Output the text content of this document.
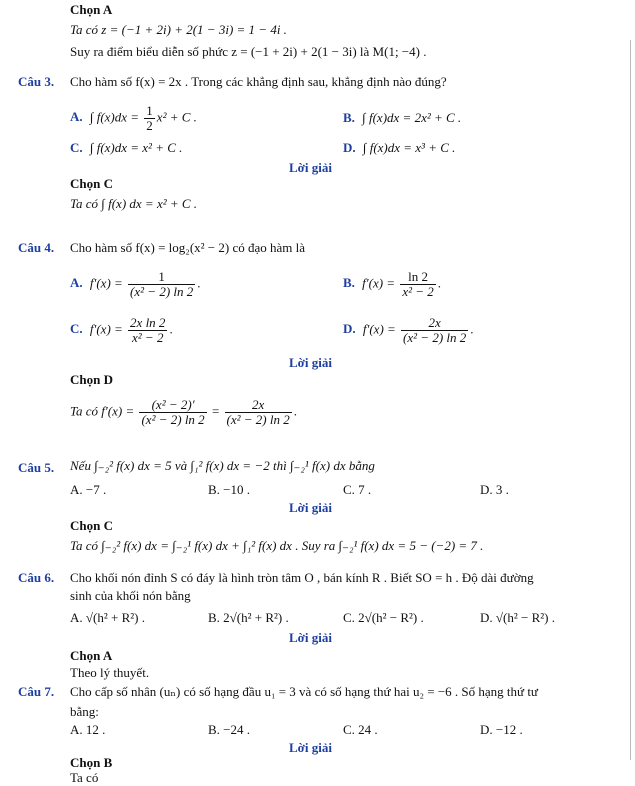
Chọn A
Ta có z = (−1 + 2i) + 2(1 − 3i) = 1 − 4i .
Suy ra điểm biểu diễn số phức z = (−1 + 2i) + 2(1 − 3i) là M(1; −4) .
Câu 3. Cho hàm số f(x) = 2x . Trong các khẳng định sau, khẳng định nào đúng?
A. ∫ $f(x)dx = \frac{1}{2} x^2 + C$ .	B. ∫ f(x)dx = 2x² + C .
C. ∫ f(x)dx = x² + C .	D. ∫ f(x)dx = x³ + C .
Lời giải
Chọn C
Ta có ∫ f(x) dx = x² + C .
Câu 4. Cho hàm số f(x) = log₂(x² − 2) có đạo hàm là
A. $f'(x) = \frac{1}{\text{(x² − 2) ln 2}}$ .	B. $f'(x) = \frac{\ln 2}{\text{x² − 2}}$ .
C. $f'(x) = \frac{\text{2x ln 2}}{\text{x² − 2}}$ .	D. $f'(x) = \frac{2x}{\text{(x² − 2) ln 2}}$ .
Lời giải
Chọn D
Ta có $f'(x) = \frac{\text{(x² − 2)′}}{\text{(x² − 2) ln 2}} = \frac{2x}{\text{(x² − 2) ln 2}}$ .
Câu 5. Nếu ∫₋₂² f(x) dx = 5 và ∫₁² f(x) dx = −2 thì ∫₋₂¹ f(x) dx bằng
A. −7 .	B. −10 .	C. 7 .	D. 3 .
Lời giải
Chọn C
Ta có ∫₋₂² f(x) dx = ∫₋₂¹ f(x) dx + ∫₁² f(x) dx . Suy ra ∫₋₂¹ f(x) dx = 5 − (−2) = 7 .
Câu 6. Cho khối nón đỉnh S có đáy là hình tròn tâm O , bán kính R . Biết SO = h . Độ dài đường
sinh của khối nón bằng
A. √(h² + R²) .	B. 2√(h² + R²) .	C. 2√(h² − R²) .	D. √(h² − R²) .
Lời giải
Chọn A
Theo lý thuyết.
Câu 7. Cho cấp số nhân (uₙ) có số hạng đầu u₁ = 3 và có số hạng thứ hai u₂ = −6 . Số hạng thứ tư
bằng:
A. 12 .	B. −24 .	C. 24 .	D. −12 .
Lời giải
Chọn B
Ta có
